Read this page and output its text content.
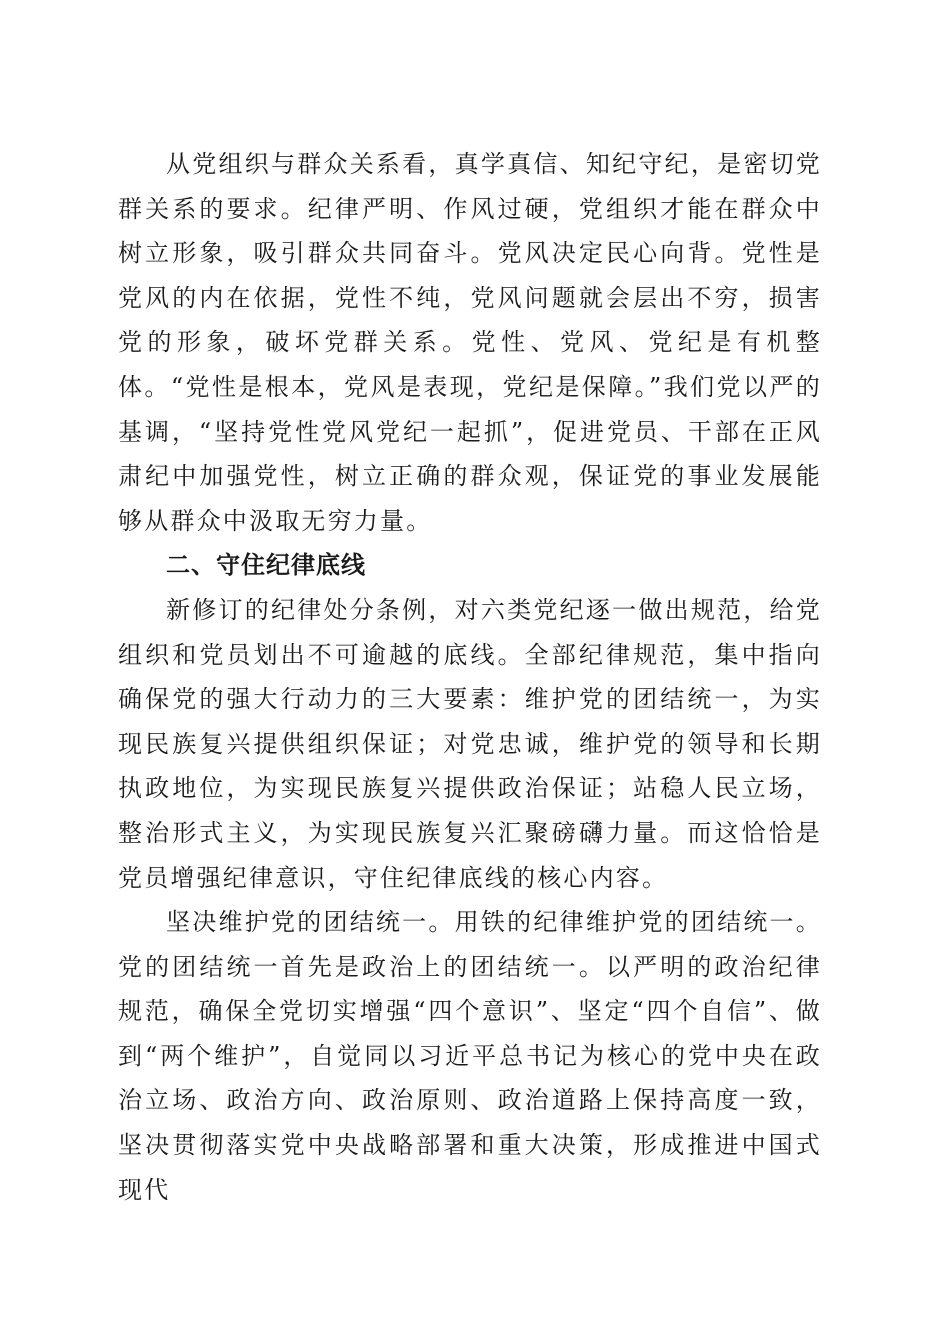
从党组织与群众关系看，真学真信、知纪守纪，是密切党群关系的要求。纪律严明、作风过硬，党组织才能在群众中树立形象，吸引群众共同奋斗。党风决定民心向背。党性是党风的内在依据，党性不纯，党风问题就会层出不穷，损害党的形象，破坏党群关系。党性、党风、党纪是有机整体。“党性是根本，党风是表现，党纪是保障。”我们党以严的基调，“坚持党性党风党纪一起抓”，促进党员、干部在正风肃纪中加强党性，树立正确的群众观，保证党的事业发展能够从群众中汲取无穷力量。

二、守住纪律底线

新修订的纪律处分条例，对六类党纪逐一做出规范，给党组织和党员划出不可逾越的底线。全部纪律规范，集中指向确保党的强大行动力的三大要素：维护党的团结统一，为实现民族复兴提供组织保证；对党忠诚，维护党的领导和长期执政地位，为实现民族复兴提供政治保证；站稳人民立场，整治形式主义，为实现民族复兴汇聚磅礴力量。而这恰恰是党员增强纪律意识，守住纪律底线的核心内容。

坚决维护党的团结统一。用铁的纪律维护党的团结统一。党的团结统一首先是政治上的团结统一。以严明的政治纪律规范，确保全党切实增强“四个意识”、坚定“四个自信”、做到“两个维护”，自觉同以习近平总书记为核心的党中央在政治立场、政治方向、政治原则、政治道路上保持高度一致，坚决贯彻落实党中央战略部署和重大决策，形成推进中国式现代
